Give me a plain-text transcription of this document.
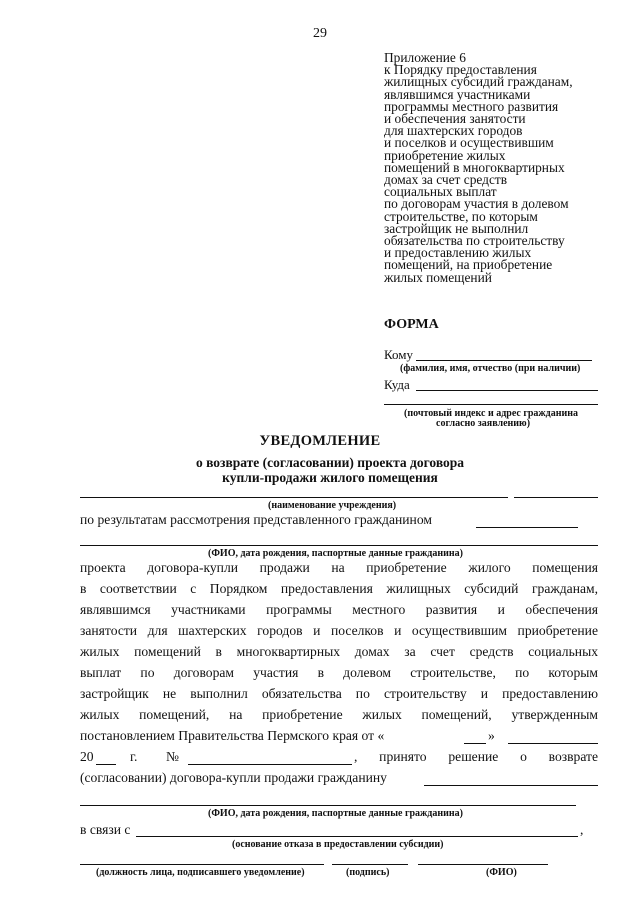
29
Приложение 6
к Порядку предоставления
жилищных субсидий гражданам,
являвшимся участниками
программы местного развития
и обеспечения занятости
для шахтерских городов
и поселков и осуществившим
приобретение жилых
помещений в многоквартирных
домах за счет средств
социальных выплат
по договорам участия в долевом
строительстве, по которым
застройщик не выполнил
обязательства по строительству
и предоставлению жилых
помещений, на приобретение
жилых помещений
ФОРМА
Кому
(фамилия, имя, отчество (при наличии)
Куда
(почтовый индекс и адрес гражданина
согласно заявлению)
УВЕДОМЛЕНИЕ
о возврате (согласовании) проекта договора
купли-продажи жилого помещения
(наименование учреждения)
по результатам рассмотрения представленного гражданином
(ФИО, дата рождения, паспортные данные гражданина)
проекта договора-купли продажи на приобретение жилого помещения
в соответствии с Порядком предоставления жилищных субсидий гражданам,
являвшимся участниками программы местного развития и обеспечения
занятости для шахтерских городов и поселков и осуществившим приобретение
жилых помещений в многоквартирных домах за счет средств социальных
выплат по договорам участия в долевом строительстве, по которым
застройщик не выполнил обязательства по строительству и предоставлению
жилых помещений, на приобретение жилых помещений, утвержденным
постановлением Правительства Пермского края от «	»
20	г. №	, принято решение о возврате
(согласовании) договора-купли продажи гражданину
(ФИО, дата рождения, паспортные данные гражданина)
в связи с	,
(основание отказа в предоставлении субсидии)
(должность лица, подписавшего уведомление)	(подпись)	(ФИО)
